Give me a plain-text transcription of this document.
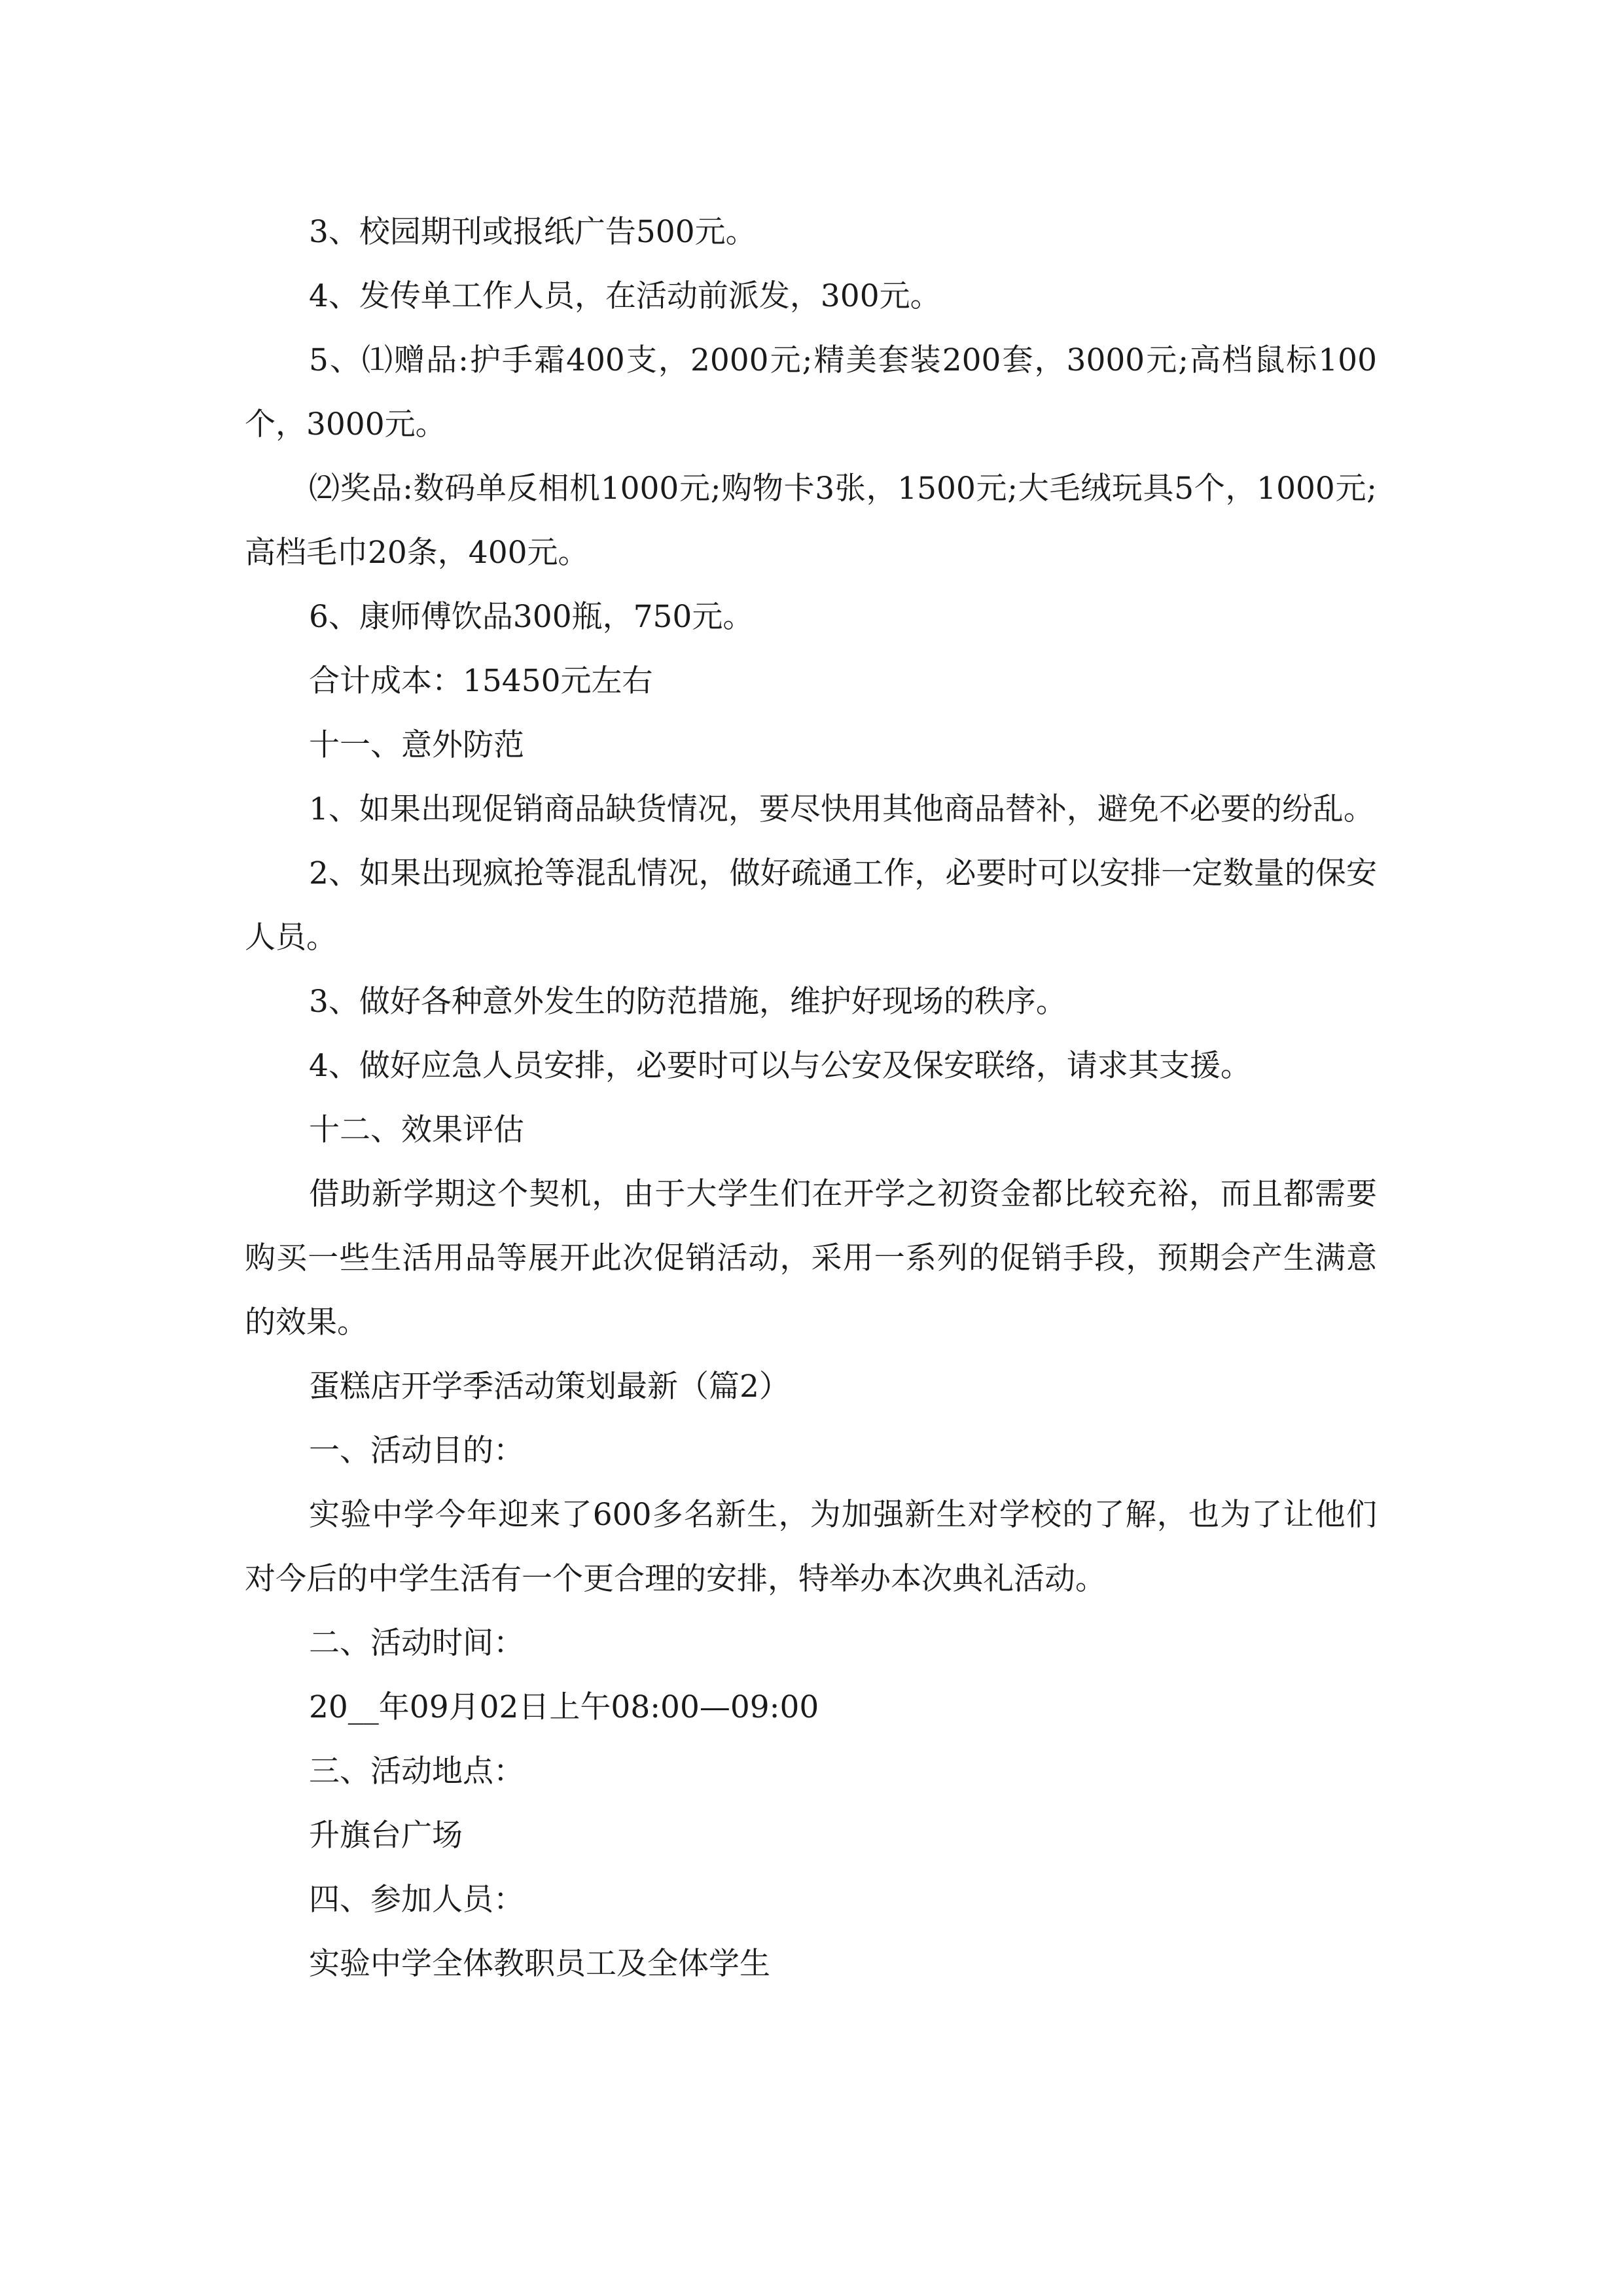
3、校园期刊或报纸广告500元。

4、发传单工作人员，在活动前派发，300元。

5、⑴赠品:护手霜400支，2000元;精美套装200套，3000元;高档鼠标100个，3000元。

⑵奖品:数码单反相机1000元;购物卡3张，1500元;大毛绒玩具5个，1000元;高档毛巾20条，400元。

6、康师傅饮品300瓶，750元。

合计成本：15450元左右

十一、意外防范

1、如果出现促销商品缺货情况，要尽快用其他商品替补，避免不必要的纷乱。

2、如果出现疯抢等混乱情况，做好疏通工作，必要时可以安排一定数量的保安人员。

3、做好各种意外发生的防范措施，维护好现场的秩序。

4、做好应急人员安排，必要时可以与公安及保安联络，请求其支援。

十二、效果评估

借助新学期这个契机，由于大学生们在开学之初资金都比较充裕，而且都需要购买一些生活用品等展开此次促销活动，采用一系列的促销手段，预期会产生满意的效果。

蛋糕店开学季活动策划最新（篇2）

一、活动目的：

实验中学今年迎来了600多名新生，为加强新生对学校的了解，也为了让他们对今后的中学生活有一个更合理的安排，特举办本次典礼活动。

二、活动时间：

20__年09月02日上午08:00—09:00

三、活动地点：

升旗台广场

四、参加人员：

实验中学全体教职员工及全体学生
